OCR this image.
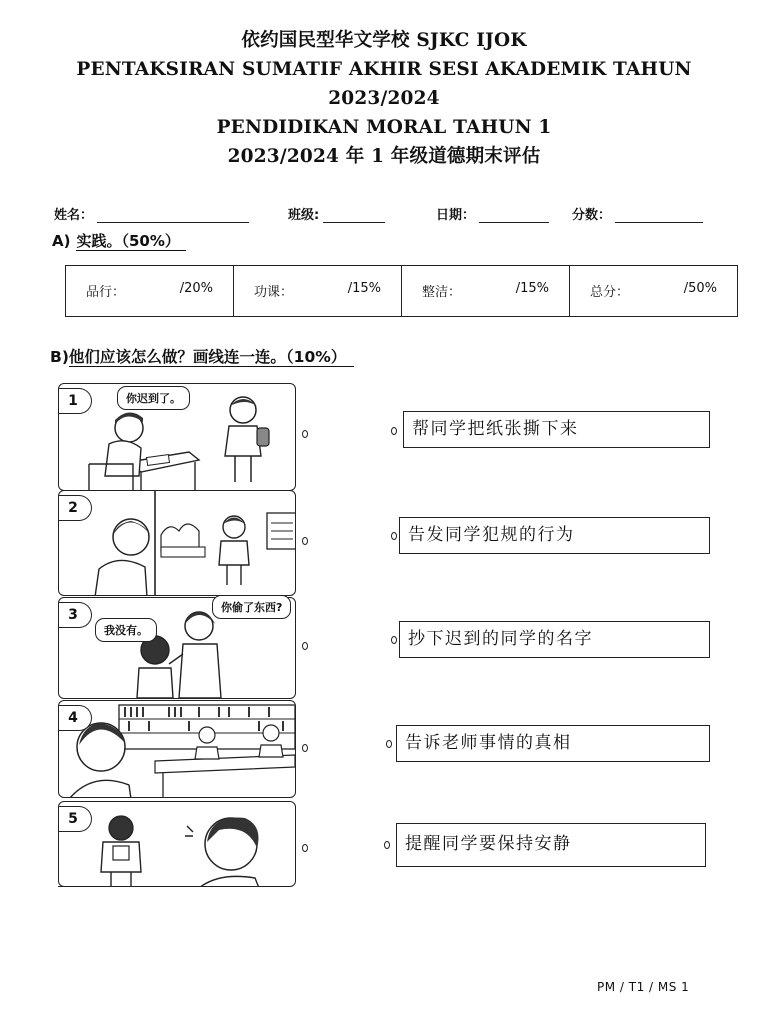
依约国民型华文学校 SJKC IJOK
PENTAKSIRAN SUMATIF AKHIR SESI AKADEMIK TAHUN
2023/2024
PENDIDIKAN MORAL TAHUN 1
2023/2024 年 1 年级道德期末评估
姓名：	班级:	日期：	分数：
A) 实践。（50%）
品行：	/20%	功课：	/15%	整洁：	/15%	总分：	/50%
B)他们应该怎么做？画线连一连。（10%）
1	你迟到了。
2
3
我没有。
你偷了东西?
4
5
帮同学把纸张撕下来
告发同学犯规的行为
抄下迟到的同学的名字
告诉老师事情的真相
提醒同学要保持安静
PM / T1 / MS 1
